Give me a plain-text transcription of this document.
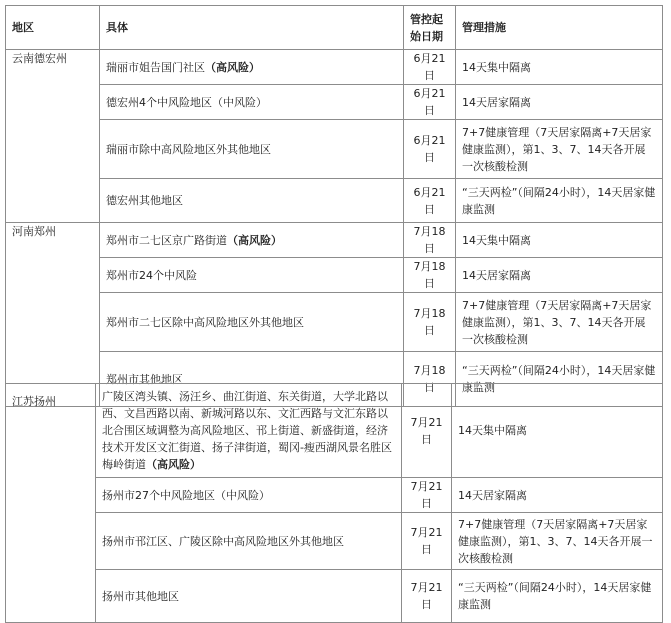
地区	具体	管控起始日期	管理措施
云南德宏州	瑞丽市姐告国门社区（高风险）	6月21日	14天集中隔离
	德宏州4个中风险地区（中风险）	6月21日	14天居家隔离
	瑞丽市除中高风险地区外其他地区	6月21日	7+7健康管理（7天居家隔离+7天居家健康监测），第1、3、7、14天各开展一次核酸检测
	德宏州其他地区	6月21日	“三天两检”（间隔24小时），14天居家健康监测
河南郑州	郑州市二七区京广路街道（高风险）	7月18日	14天集中隔离
	郑州市24个中风险	7月18日	14天居家隔离
	郑州市二七区除中高风险地区外其他地区	7月18日	7+7健康管理（7天居家隔离+7天居家健康监测），第1、3、7、14天各开展一次核酸检测
	郑州市其他地区	7月18日	“三天两检”（间隔24小时），14天居家健康监测
江苏扬州	广陵区湾头镇、汤汪乡、曲江街道、东关街道，大学北路以西、文昌西路以南、新城河路以东、文汇西路与文汇东路以北合围区域调整为高风险地区、邗上街道、新盛街道，经济技术开发区文汇街道、扬子津街道，蜀冈-瘦西湖风景名胜区梅岭街道（高风险）	7月21日	14天集中隔离
	扬州市27个中风险地区（中风险）	7月21日	14天居家隔离
	扬州市邗江区、广陵区除中高风险地区外其他地区	7月21日	7+7健康管理（7天居家隔离+7天居家健康监测），第1、3、7、14天各开展一次核酸检测
	扬州市其他地区	7月21日	“三天两检”（间隔24小时），14天居家健康监测
